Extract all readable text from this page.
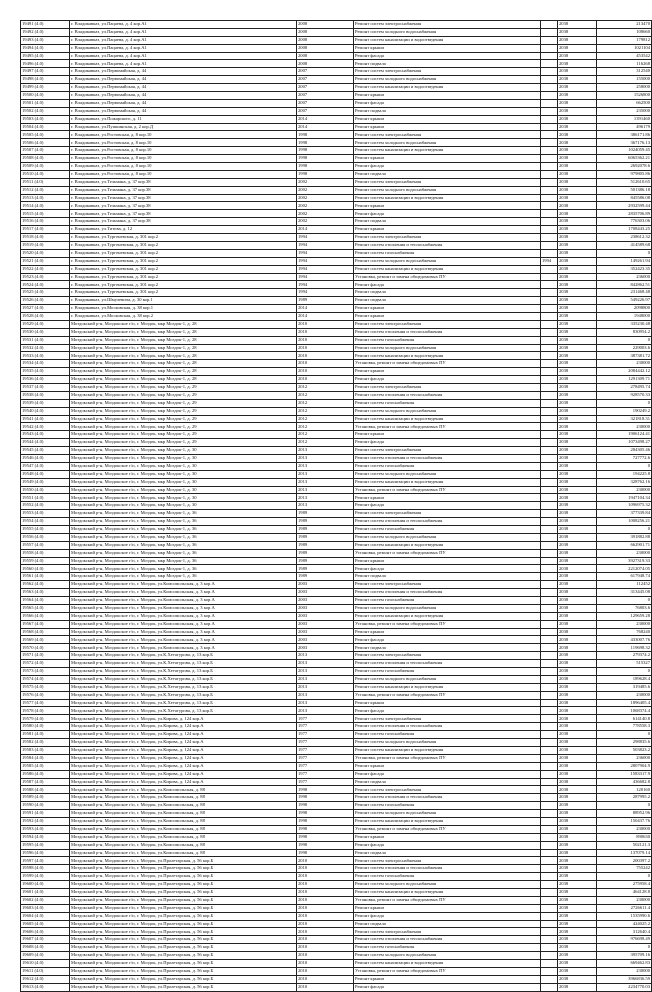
19491 (4.0)	г. Владикавказ, ул.Пацаева, д. 4 кор.А1	2008	Ремонт систем электроснабжения		2038	213470
19492 (4.0)	г. Владикавказ, ул.Пацаева, д. 4 кор.А1	2008	Ремонт систем холодного водоснабжения		2038	108660
19493 (4.0)	г. Владикавказ, ул.Пацаева, д. 4 кор.А1	2008	Ремонт систем канализации и водоотведения		2038	179812
19494 (4.0)	г. Владикавказ, ул.Пацаева, д. 4 кор.А1	2008	Ремонт крыши		2038	1021104
19495 (4.0)	г. Владикавказ, ул.Пацаева, д. 4 кор.А1	2008	Ремонт фасада		2038	453542
19496 (4.0)	г. Владикавказ, ул.Пацаева, д. 4 кор.А1	2008	Ремонт подвала		2038	116268
19497 (4.0)	г. Владикавказ, ул.Первомайская, д. 44	2007	Ремонт систем электроснабжения		2038	312540
19498 (4.0)	г. Владикавказ, ул.Первомайская, д. 44	2007	Ремонт систем холодного водоснабжения		2038	155000
19499 (4.0)	г. Владикавказ, ул.Первомайская, д. 44	2007	Ремонт систем канализации и водоотведения		2038	258000
19500 (4.0)	г. Владикавказ, ул.Первомайская, д. 44	2007	Ремонт крыши		2038	1526800
19501 (4.0)	г. Владикавказ, ул.Первомайская, д. 44	2007	Ремонт фасада		2038	662500
19502 (4.0)	г. Владикавказ, ул.Первомайская, д. 44	2007	Ремонт подвала		2038	235000
19503 (4.0)	г. Владикавказ, ул.Пожарского, д. 11	2014	Ремонт крыши		2038	1391460
19504 (4.0)	г. Владикавказ, ул.Пушкинская, д. 2 кор.Д	2014	Ремонт крыши		2038	496179
19505 (4.0)	г. Владикавказ, ул.Ростовская, д. 8 кор.10	1998	Ремонт систем электроснабжения		2038	386171.86
19506 (4.0)	г. Владикавказ, ул.Ростовская, д. 8 кор.10	1998	Ремонт систем холодного водоснабжения		2038	367176.13
19507 (4.0)	г. Владикавказ, ул.Ростовская, д. 8 кор.10	1998	Ремонт систем канализации и водоотведения		2038	1024059.45
19508 (4.0)	г. Владикавказ, ул.Ростовская, д. 8 кор.10	1998	Ремонт крыши		2038	6065362.21
19509 (4.0)	г. Владикавказ, ул.Ростовская, д. 8 кор.10	1998	Ремонт фасада		2038	2692078.6
19510 (4.0)	г. Владикавказ, ул.Ростовская, д. 8 кор.10	1998	Ремонт подвала		2038	979805.86
19511 (4.0)	г. Владикавказ, ул.Тельмана, д. 37 кор.38	2002	Ремонт систем электроснабжения		2038	512610.65
19512 (4.0)	г. Владикавказ, ул.Тельмана, д. 37 кор.38	2002	Ремонт систем холодного водоснабжения		2038	501386.18
19513 (4.0)	г. Владикавказ, ул.Тельмана, д. 37 кор.38	2002	Ремонт систем канализации и водоотведения		2038	845586.08
19514 (4.0)	г. Владикавказ, ул.Тельмана, д. 37 кор.38	2002	Ремонт крыши		2038	2932599.44
19515 (4.0)	г. Владикавказ, ул.Тельмана, д. 37 кор.38	2002	Ремонт фасада		2038	2835706.89
19516 (4.0)	г. Владикавказ, ул.Тельмана, д. 37 кор.38	2002	Ремонт подвала		2038	776303.06
19517 (4.0)	г. Владикавказ, ул.Титова, д. 12	2014	Ремонт крыши		2038	1708443.25
19518 (4.0)	г. Владикавказ, ул.Тургеневская, д. 301 кор.2	1994	Ремонт систем электроснабжения		2038	238612.32
19519 (4.0)	г. Владикавказ, ул.Тургеневская, д. 301 кор.2	1994	Ремонт систем отопления и теплоснабжения		2038	414589.68
19520 (4.0)	г. Владикавказ, ул.Тургеневская, д. 301 кор.2	1994	Ремонт систем газоснабжения		2038	0
19521 (4.0)	г. Владикавказ, ул.Тургеневская, д. 301 кор.2	1994	Ремонт систем холодного водоснабжения	1994	2038	149261.94
19522 (4.0)	г. Владикавказ, ул.Тургеневская, д. 301 кор.2	1994	Ремонт систем канализации и водоотведения		2038	352423.35
19523 (4.0)	г. Владикавказ, ул.Тургеневская, д. 301 кор.2	1994	Установка, ремонт и замена общедомовых ПУ		2038	236000
19524 (4.0)	г. Владикавказ, ул.Тургеневская, д. 301 кор.2	1994	Ремонт фасада		2038	842862.51
19525 (4.0)	г. Владикавказ, ул.Тургеневская, д. 301 кор.2	1994	Ремонт подвала		2038	231468.48
19526 (4.0)	г. Владикавказ, ул.Шмулевича, д. 30 кор.1	1989	Ремонт подвала		2038	549226.97
19527 (4.0)	г. Владикавказ, ул.Московская, д. 38 кор.1	2014	Ремонт крыши		2038	2098800
19528 (4.0)	г. Владикавказ, ул.Московская, д. 38 кор.2	2014	Ремонт крыши		2038	1948000
19529 (4.0)	Моздокский р-н, Моздокское г/п, г. Моздок, мкр Моздок-1, д. 28	2010	Ремонт систем электроснабжения		2038	335230.48
19530 (4.0)	Моздокский р-н, Моздокское г/п, г. Моздок, мкр Моздок-1, д. 28	2010	Ремонт систем отопления и теплоснабжения		2038	830954.2
19531 (4.0)	Моздокский р-н, Моздокское г/п, г. Моздок, мкр Моздок-1, д. 28	2010	Ремонт систем газоснабжения		2038	0
19532 (4.0)	Моздокский р-н, Моздокское г/п, г. Моздок, мкр Моздок-1, д. 28	2010	Ремонт систем холодного водоснабжения		2038	229003.6
19533 (4.0)	Моздокский р-н, Моздокское г/п, г. Моздок, мкр Моздок-1, д. 28	2010	Ремонт систем канализации и водоотведения		2038	387381.72
19534 (4.0)	Моздокский р-н, Моздокское г/п, г. Моздок, мкр Моздок-1, д. 28	2010	Установка, ремонт и замена общедомовых ПУ		2038	230000
19535 (4.0)	Моздокский р-н, Моздокское г/п, г. Моздок, мкр Моздок-1, д. 28	2010	Ремонт крыши		2038	2084442.12
19536 (4.0)	Моздокский р-н, Моздокское г/п, г. Моздок, мкр Моздок-1, д. 28	2010	Ремонт фасада		2038	1291309.71
19537 (4.0)	Моздокский р-н, Моздокское г/п, г. Моздок, мкр Моздок-1, д. 29	2012	Ремонт систем электроснабжения		2038	278495.74
19538 (4.0)	Моздокский р-н, Моздокское г/п, г. Моздок, мкр Моздок-1, д. 29	2012	Ремонт систем отопления и теплоснабжения		2038	928570.33
19539 (4.0)	Моздокский р-н, Моздокское г/п, г. Моздок, мкр Моздок-1, д. 29	2012	Ремонт систем газоснабжения		2038	0
19540 (4.0)	Моздокский р-н, Моздокское г/п, г. Моздок, мкр Моздок-1, д. 29	2012	Ремонт систем холодного водоснабжения		2038	190249.2
19541 (4.0)	Моздокский р-н, Моздокское г/п, г. Моздок, мкр Моздок-1, д. 29	2012	Ремонт систем канализации и водоотведения		2038	321818.31
19542 (4.0)	Моздокский р-н, Моздокское г/п, г. Моздок, мкр Моздок-1, д. 29	2012	Установка, ремонт и замена общедомовых ПУ		2038	230000
19543 (4.0)	Моздокский р-н, Моздокское г/п, г. Моздок, мкр Моздок-1, д. 29	2012	Ремонт крыши		2038	1906124.41
19544 (4.0)	Моздокский р-н, Моздокское г/п, г. Моздок, мкр Моздок-1, д. 29	2012	Ремонт фасада		2038	1073498.27
19545 (4.0)	Моздокский р-н, Моздокское г/п, г. Моздок, мкр Моздок-1, д. 30	2013	Ремонт систем электроснабжения		2038	284305.46
19546 (4.0)	Моздокский р-н, Моздокское г/п, г. Моздок, мкр Моздок-1, д. 30	2013	Ремонт систем отопления и теплоснабжения		2038	727772.6
19547 (4.0)	Моздокский р-н, Моздокское г/п, г. Моздок, мкр Моздок-1, д. 30	2013	Ремонт систем газоснабжения		2038	0
19548 (4.0)	Моздокский р-н, Моздокское г/п, г. Моздок, мкр Моздок-1, д. 30	2013	Ремонт систем холодного водоснабжения		2038	194225.8
19549 (4.0)	Моздокский р-н, Моздокское г/п, г. Моздок, мкр Моздок-1, д. 30	2013	Ремонт систем канализации и водоотведения		2038	328762.16
19550 (4.0)	Моздокский р-н, Моздокское г/п, г. Моздок, мкр Моздок-1, д. 30	2013	Установка, ремонт и замена общедомовых ПУ		2038	230000
19551 (4.0)	Моздокский р-н, Моздокское г/п, г. Моздок, мкр Моздок-1, д. 30	2013	Ремонт крыши		2038	1947104.34
19552 (4.0)	Моздокский р-н, Моздокское г/п, г. Моздок, мкр Моздок-1, д. 30	2013	Ремонт фасада		2038	1096975.32
19553 (4.0)	Моздокский р-н, Моздокское г/п, г. Моздок, мкр Моздок-1, д. 36	1989	Ремонт систем электроснабжения		2038	377339.84
19554 (4.0)	Моздокский р-н, Моздокское г/п, г. Моздок, мкр Моздок-1, д. 36	1989	Ремонт систем отопления и теплоснабжения		2038	1008256.21
19555 (4.0)	Моздокский р-н, Моздокское г/п, г. Моздок, мкр Моздок-1, д. 36	1989	Ремонт систем газоснабжения		2038	0
19556 (4.0)	Моздокский р-н, Моздокское г/п, г. Моздок, мкр Моздок-1, д. 36	1989	Ремонт систем холодного водоснабжения		2038	391882.88
19557 (4.0)	Моздокский р-н, Моздокское г/п, г. Моздок, мкр Моздок-1, д. 36	1989	Ремонт систем канализации и водоотведения		2038	662901.71
19558 (4.0)	Моздокский р-н, Моздокское г/п, г. Моздок, мкр Моздок-1, д. 36	1989	Установка, ремонт и замена общедомовых ПУ		2038	230000
19559 (4.0)	Моздокский р-н, Моздокское г/п, г. Моздок, мкр Моздок-1, д. 36	1989	Ремонт крыши		2038	3927319.33
19560 (4.0)	Моздокский р-н, Моздокское г/п, г. Моздок, мкр Моздок-1, д. 36	1989	Ремонт фасада		2038	2212074.05
19561 (4.0)	Моздокский р-н, Моздокское г/п, г. Моздок, мкр Моздок-1, д. 36	1989	Ремонт подвала		2038	617948.74
19562 (4.0)	Моздокский р-н, Моздокское г/п, г. Моздок, ул.Комсомольская, д. 3 кор.А	2003	Ремонт систем электроснабжения		2038	112452
19563 (4.0)	Моздокский р-н, Моздокское г/п, г. Моздок, ул.Комсомольская, д. 3 кор.А	2003	Ремонт систем отопления и теплоснабжения		2038	313445.08
19564 (4.0)	Моздокский р-н, Моздокское г/п, г. Моздок, ул.Комсомольская, д. 3 кор.А	2003	Ремонт систем газоснабжения		2038	0
19565 (4.0)	Моздокский р-н, Моздокское г/п, г. Моздок, ул.Комсомольская, д. 3 кор.А	2003	Ремонт систем холодного водоснабжения		2038	76803.6
19566 (4.0)	Моздокский р-н, Моздокское г/п, г. Моздок, ул.Комсомольская, д. 3 кор.А	2003	Ремонт систем канализации и водоотведения		2038	129659.28
19567 (4.0)	Моздокский р-н, Моздокское г/п, г. Моздок, ул.Комсомольская, д. 3 кор.А	2003	Установка, ремонт и замена общедомовых ПУ		2038	230000
19568 (4.0)	Моздокский р-н, Моздокское г/п, г. Моздок, ул.Комсомольская, д. 3 кор.А	2003	Ремонт крыши		2038	768240
19569 (4.0)	Моздокский р-н, Моздокское г/п, г. Моздок, ул.Комсомольская, д. 3 кор.А	2003	Ремонт фасада		2038	433007.76
19570 (4.0)	Моздокский р-н, Моздокское г/п, г. Моздок, ул.Комсомольская, д. 3 кор.А	2003	Ремонт подвала		2038	119698.32
19571 (4.0)	Моздокский р-н, Моздокское г/п, г. Моздок, ул.К.Хетагурова, д. 13 кор.Б	2013	Ремонт систем электроснабжения		2038	279374.2
19572 (4.0)	Моздокский р-н, Моздокское г/п, г. Моздок, ул.К.Хетагурова, д. 13 кор.Б	2013	Ремонт систем отопления и теплоснабжения		2038	515327
19573 (4.0)	Моздокский р-н, Моздокское г/п, г. Моздок, ул.К.Хетагурова, д. 13 кор.Б	2013	Ремонт систем газоснабжения		2038	0
19574 (4.0)	Моздокский р-н, Моздокское г/п, г. Моздок, ул.К.Хетагурова, д. 13 кор.Б	2013	Ремонт систем холодного водоснабжения		2038	189628.4
19575 (4.0)	Моздокский р-н, Моздокское г/п, г. Моздок, ул.К.Хетагурова, д. 13 кор.Б	2013	Ремонт систем канализации и водоотведения		2038	319485.6
19576 (4.0)	Моздокский р-н, Моздокское г/п, г. Моздок, ул.К.Хетагурова, д. 13 кор.Б	2013	Установка, ремонт и замена общедомовых ПУ		2038	230000
19577 (4.0)	Моздокский р-н, Моздокское г/п, г. Моздок, ул.К.Хетагурова, д. 13 кор.Б	2013	Ремонт крыши		2038	1896405.4
19578 (4.0)	Моздокский р-н, Моздокское г/п, г. Моздок, ул.К.Хетагурова, д. 13 кор.Б	2013	Ремонт фасада		2038	1068374.4
19579 (4.0)	Моздокский р-н, Моздокское г/п, г. Моздок, ул.Кирова, д. 124 кор.А	1977	Ремонт систем электроснабжения		2038	614140.8
19580 (4.0)	Моздокский р-н, Моздокское г/п, г. Моздок, ул.Кирова, д. 124 кор.А	1977	Ремонт систем отопления и теплоснабжения		2038	778558.3
19581 (4.0)	Моздокский р-н, Моздокское г/п, г. Моздок, ул.Кирова, д. 124 кор.А	1977	Ремонт систем газоснабжения		2038	0
19582 (4.0)	Моздокский р-н, Моздокское г/п, г. Моздок, ул.Кирова, д. 124 кор.А	1977	Ремонт систем холодного водоснабжения		2038	298835.6
19583 (4.0)	Моздокский р-н, Моздокское г/п, г. Моздок, ул.Кирова, д. 124 кор.А	1977	Ремонт систем канализации и водоотведения		2038	503823.2
19584 (4.0)	Моздокский р-н, Моздокское г/п, г. Моздок, ул.Кирова, д. 124 кор.А	1977	Установка, ремонт и замена общедомовых ПУ		2038	236000
19585 (4.0)	Моздокский р-н, Моздокское г/п, г. Моздок, ул.Кирова, д. 124 кор.А	1977	Ремонт крыши		2038	2807904.9
19586 (4.0)	Моздокский р-н, Моздокское г/п, г. Моздок, ул.Кирова, д. 124 кор.А	1977	Ремонт фасада		2038	1583317.9
19587 (4.0)	Моздокский р-н, Моздокское г/п, г. Моздок, ул.Кирова, д. 124 кор.А	1977	Ремонт подвала		2038	436682.8
19588 (4.0)	Моздокский р-н, Моздокское г/п, г. Моздок, ул.Комсомольская, д. 88	1998	Ремонт систем электроснабжения		2038	120160
19589 (4.0)	Моздокский р-н, Моздокское г/п, г. Моздок, ул.Комсомольская, д. 88	1998	Ремонт систем отопления и теплоснабжения		2038	287995.2
19590 (4.0)	Моздокский р-н, Моздокское г/п, г. Моздок, ул.Комсомольская, д. 88	1998	Ремонт систем газоснабжения		2038	0
19591 (4.0)	Моздокский р-н, Моздокское г/п, г. Моздок, ул.Комсомольская, д. 88	1998	Ремонт систем холодного водоснабжения		2038	88952.96
19592 (4.0)	Моздокский р-н, Моздокское г/п, г. Моздок, ул.Комсомольская, д. 88	1998	Ремонт систем канализации и водоотведения		2038	150437.76
19593 (4.0)	Моздокский р-н, Моздокское г/п, г. Моздок, ул.Комсомольская, д. 88	1998	Установка, ремонт и замена общедомовых ПУ		2038	230000
19594 (4.0)	Моздокский р-н, Моздокское г/п, г. Моздок, ул.Комсомольская, д. 88	1998	Ремонт крыши		2038	890630
19595 (4.0)	Моздокский р-н, Моздокское г/п, г. Моздок, ул.Комсомольская, д. 88	1998	Ремонт фасада		2038	502121.3
19596 (4.0)	Моздокский р-н, Моздокское г/п, г. Моздок, ул.Комсомольская, д. 88	1998	Ремонт подвала		2038	137079.14
19597 (4.0)	Моздокский р-н, Моздокское г/п, г. Моздок, ул.Пролетарская, д. 56 кор.Б	2010	Ремонт систем электроснабжения		2038	200397.2
19598 (4.0)	Моздокский р-н, Моздокское г/п, г. Моздок, ул.Пролетарская, д. 56 кор.Б	2010	Ремонт систем отопления и теплоснабжения		2038	755242
19599 (4.0)	Моздокский р-н, Моздокское г/п, г. Моздок, ул.Пролетарская, д. 56 кор.Б	2010	Ремонт систем газоснабжения		2038	0
19600 (4.0)	Моздокский р-н, Моздокское г/п, г. Моздок, ул.Пролетарская, д. 56 кор.Б	2010	Ремонт систем холодного водоснабжения		2038	275958.4
19601 (4.0)	Моздокский р-н, Моздокское г/п, г. Моздок, ул.Пролетарская, д. 56 кор.Б	2010	Ремонт систем канализации и водоотведения		2038	464128.8
19602 (4.0)	Моздокский р-н, Моздокское г/п, г. Моздок, ул.Пролетарская, д. 56 кор.Б	2010	Установка, ремонт и замена общедомовых ПУ		2038	230000
19603 (4.0)	Моздокский р-н, Моздокское г/п, г. Моздок, ул.Пролетарская, д. 56 кор.Б	2010	Ремонт крыши		2038	2726611.4
19604 (4.0)	Моздокский р-н, Моздокское г/п, г. Моздок, ул.Пролетарская, д. 56 кор.Б	2010	Ремонт фасада		2038	1535990.6
19605 (4.0)	Моздокский р-н, Моздокское г/п, г. Моздок, ул.Пролетарская, д. 56 кор.Б	2010	Ремонт подвала		2038	424025.2
19606 (4.0)	Моздокский р-н, Моздокское г/п, г. Моздок, ул.Пролетарская, д. 56 кор.Б	2010	Ремонт систем электроснабжения		2038	312640.4
19607 (4.0)	Моздокский р-н, Моздокское г/п, г. Моздок, ул.Пролетарская, д. 56 кор.Б	2010	Ремонт систем отопления и теплоснабжения		2038	976698.49
19608 (4.0)	Моздокский р-н, Моздокское г/п, г. Моздок, ул.Пролетарская, д. 56 кор.Б	2010	Ремонт систем газоснабжения		2038	0
19609 (4.0)	Моздокский р-н, Моздокское г/п, г. Моздок, ул.Пролетарская, д. 56 кор.Б	2010	Ремонт систем холодного водоснабжения		2038	395709.16
19610 (4.0)	Моздокский р-н, Моздокское г/п, г. Моздок, ул.Пролетарская, д. 56 кор.Б	2010	Ремонт систем канализации и водоотведения		2038	669462.83
19611 (4.0)	Моздокский р-н, Моздокское г/п, г. Моздок, ул.Пролетарская, д. 56 кор.Б	2010	Установка, ремонт и замена общедомовых ПУ		2038	230000
19612 (4.0)	Моздокский р-н, Моздокское г/п, г. Моздок, ул.Пролетарская, д. 56 кор.Б	2010	Ремонт крыши		2038	3966836.59
19613 (4.0)	Моздокский р-н, Моздокское г/п, г. Моздок, ул.Пролетарская, д. 56 кор.Б	2010	Ремонт фасада		2038	2234770.03
